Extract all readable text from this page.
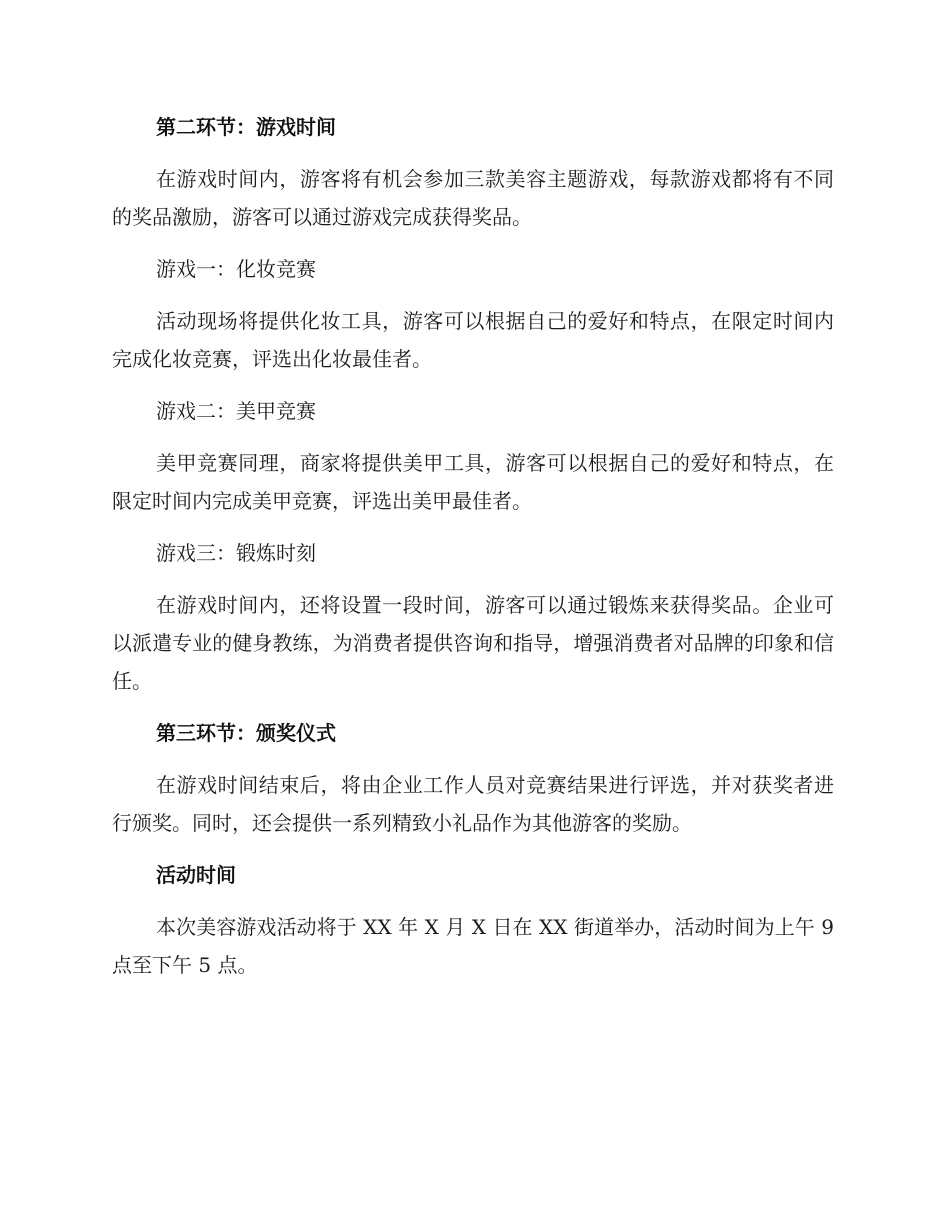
第二环节：游戏时间

在游戏时间内，游客将有机会参加三款美容主题游戏，每款游戏都将有不同的奖品激励，游客可以通过游戏完成获得奖品。

游戏一：化妆竞赛

活动现场将提供化妆工具，游客可以根据自己的爱好和特点，在限定时间内完成化妆竞赛，评选出化妆最佳者。

游戏二：美甲竞赛

美甲竞赛同理，商家将提供美甲工具，游客可以根据自己的爱好和特点，在限定时间内完成美甲竞赛，评选出美甲最佳者。

游戏三：锻炼时刻

在游戏时间内，还将设置一段时间，游客可以通过锻炼来获得奖品。企业可以派遣专业的健身教练，为消费者提供咨询和指导，增强消费者对品牌的印象和信任。

第三环节：颁奖仪式

在游戏时间结束后，将由企业工作人员对竞赛结果进行评选，并对获奖者进行颁奖。同时，还会提供一系列精致小礼品作为其他游客的奖励。

活动时间

本次美容游戏活动将于 XX 年 X 月 X 日在 XX 街道举办，活动时间为上午 9 点至下午 5 点。
